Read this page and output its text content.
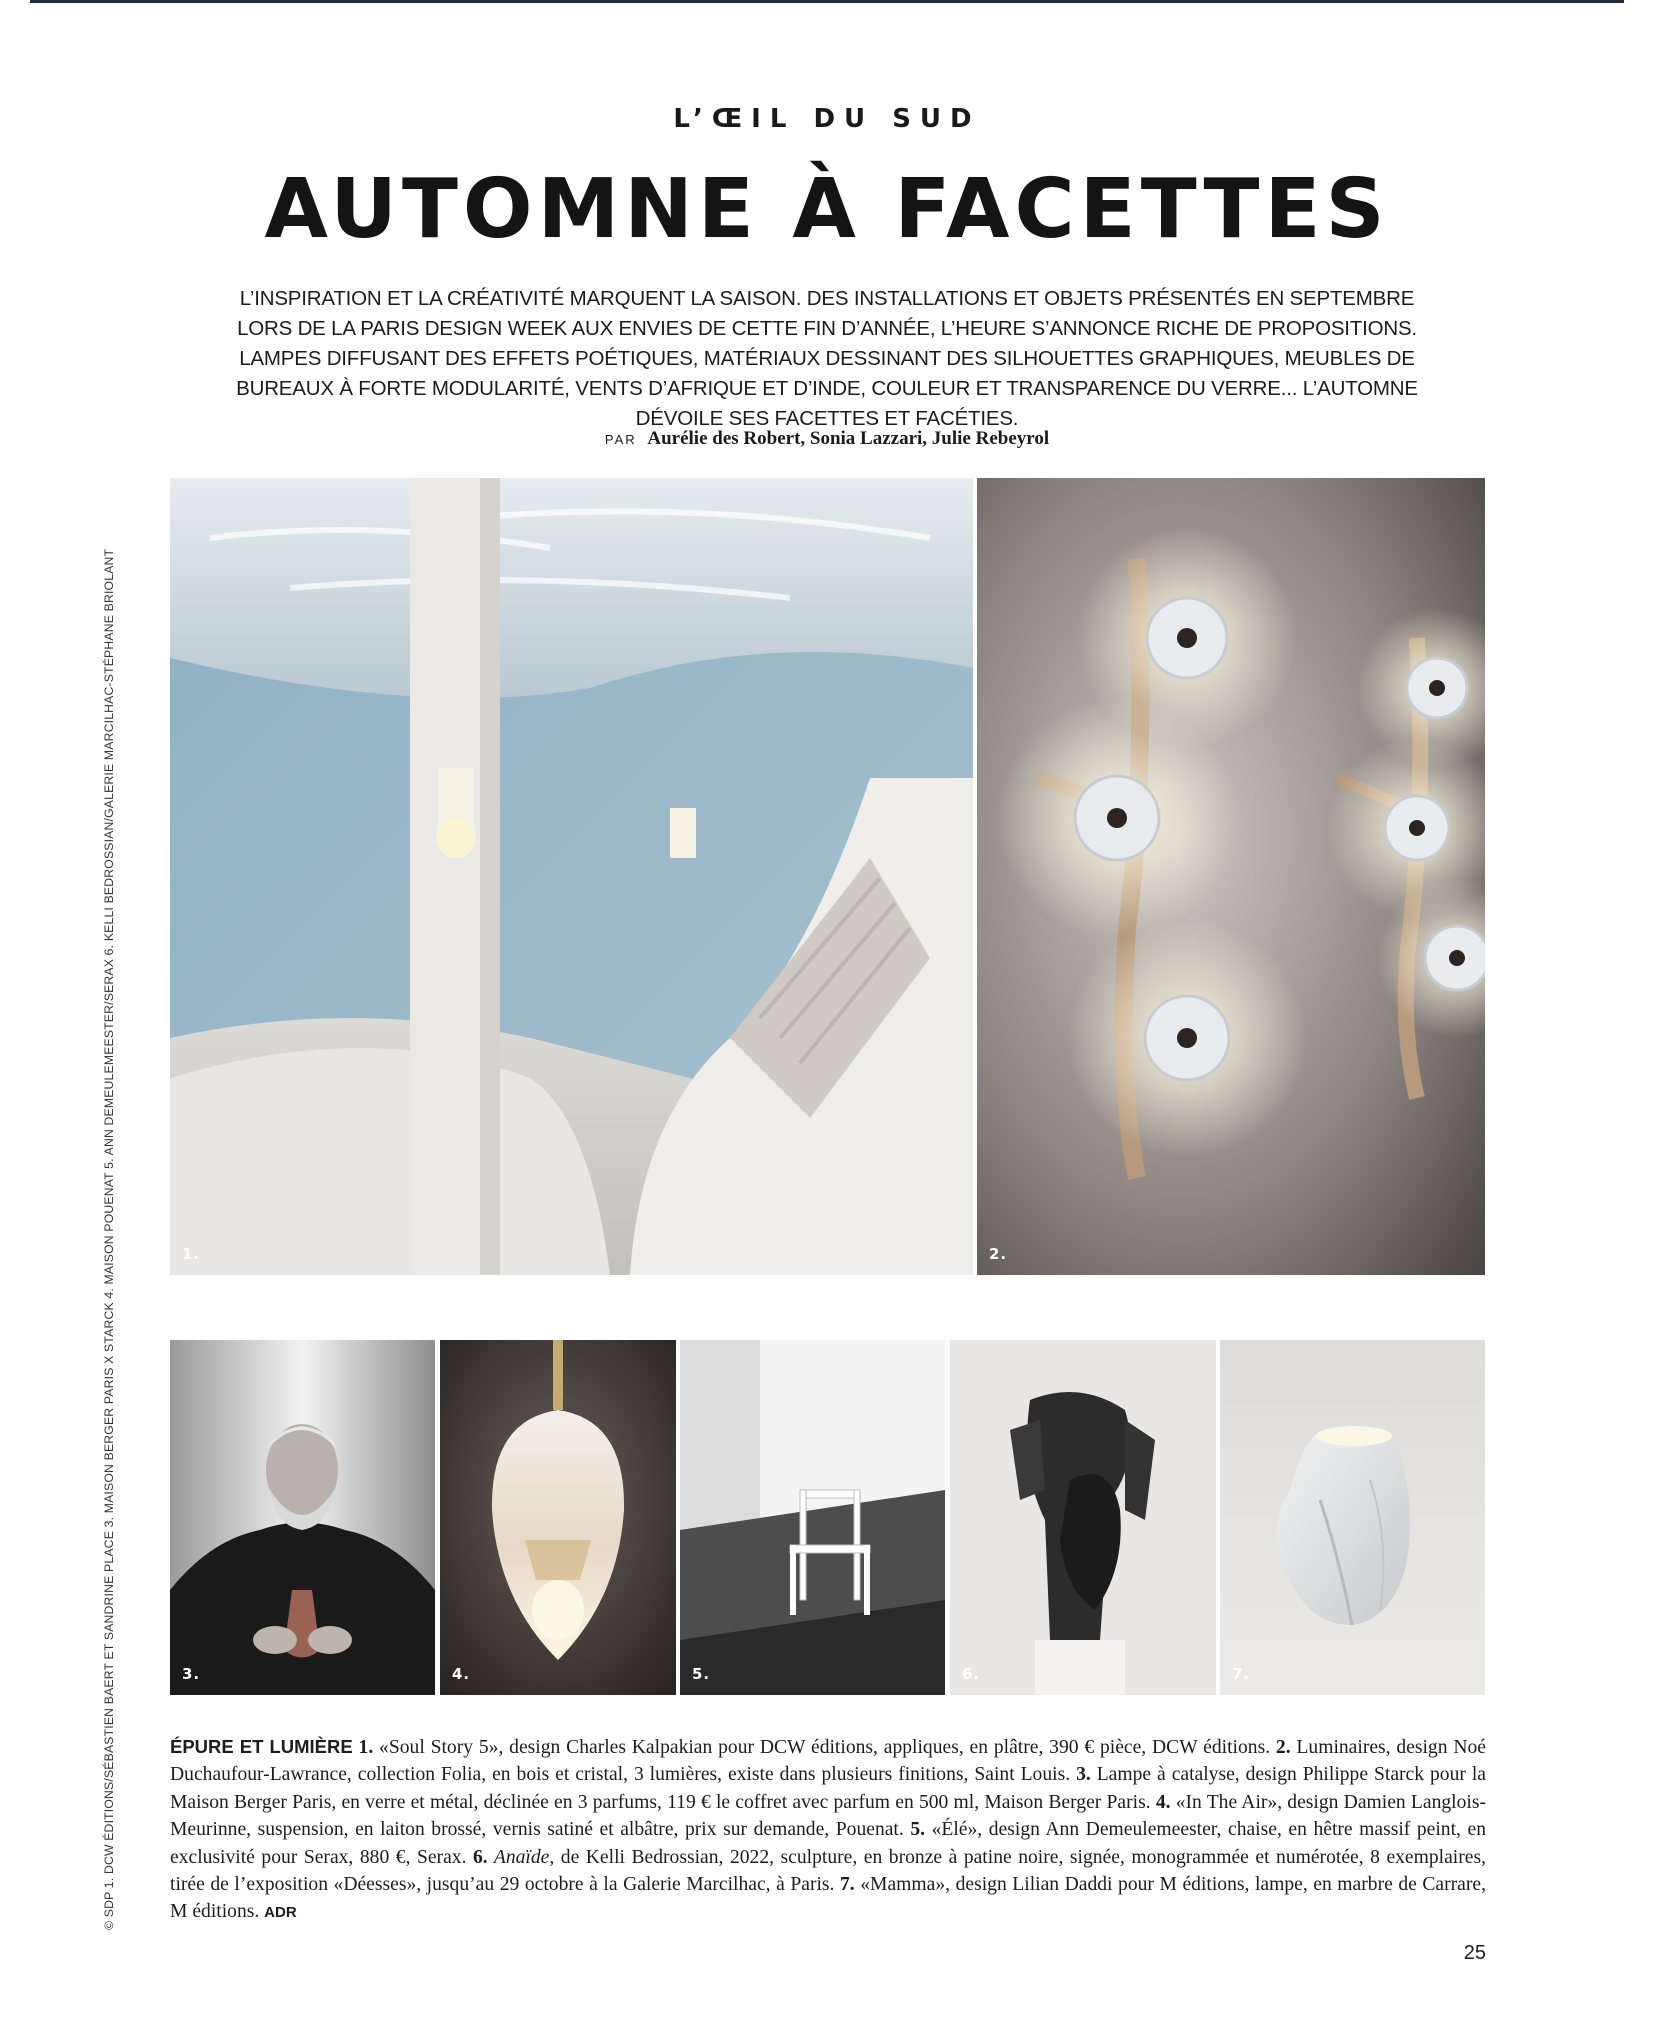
L’ŒIL DU SUD
AUTOMNE À FACETTES
L’INSPIRATION ET LA CRÉATIVITÉ MARQUENT LA SAISON. DES INSTALLATIONS ET OBJETS PRÉSENTÉS EN SEPTEMBRE LORS DE LA PARIS DESIGN WEEK AUX ENVIES DE CETTE FIN D’ANNÉE, L’HEURE S’ANNONCE RICHE DE PROPOSITIONS. LAMPES DIFFUSANT DES EFFETS POÉTIQUES, MATÉRIAUX DESSINANT DES SILHOUETTES GRAPHIQUES, MEUBLES DE BUREAUX À FORTE MODULARITÉ, VENTS D’AFRIQUE ET D’INDE, COULEUR ET TRANSPARENCE DU VERRE... L’AUTOMNE DÉVOILE SES FACETTES ET FACÉTIES.
PAR Aurélie des Robert, Sonia Lazzari, Julie Rebeyrol
© SDP 1. DCW ÉDITIONS/SÉBASTIEN BAERT ET SANDRINE PLACE 3. MAISON BERGER PARIS X STARCK 4. MAISON POUENAT 5. ANN DEMEULEMEESTER/SERAX 6. KELLI BEDROSSIAN/GALERIE MARCILHAC-STÉPHANE BRIOLANT	1.	2.
3.	4.	5.	6.	7.
ÉPURE ET LUMIÈRE 1. «Soul Story 5», design Charles Kalpakian pour DCW éditions, appliques, en plâtre, 390 € pièce, DCW éditions. 2. Luminaires, design Noé Duchaufour-Lawrance, collection Folia, en bois et cristal, 3 lumières, existe dans plusieurs finitions, Saint Louis. 3. Lampe à catalyse, design Philippe Starck pour la Maison Berger Paris, en verre et métal, déclinée en 3 parfums, 119 € le coffret avec parfum en 500 ml, Maison Berger Paris. 4. «In The Air», design Damien Langlois-Meurinne, suspension, en laiton brossé, vernis satiné et albâtre, prix sur demande, Pouenat. 5. «Élé», design Ann Demeulemeester, chaise, en hêtre massif peint, en exclusivité pour Serax, 880 €, Serax. 6. Anaïde, de Kelli Bedrossian, 2022, sculpture, en bronze à patine noire, signée, monogrammée et numérotée, 8 exemplaires, tirée de l’exposition «Déesses», jusqu’au 29 octobre à la Galerie Marcilhac, à Paris. 7. «Mamma», design Lilian Daddi pour M éditions, lampe, en marbre de Carrare, M éditions. ADR
25
